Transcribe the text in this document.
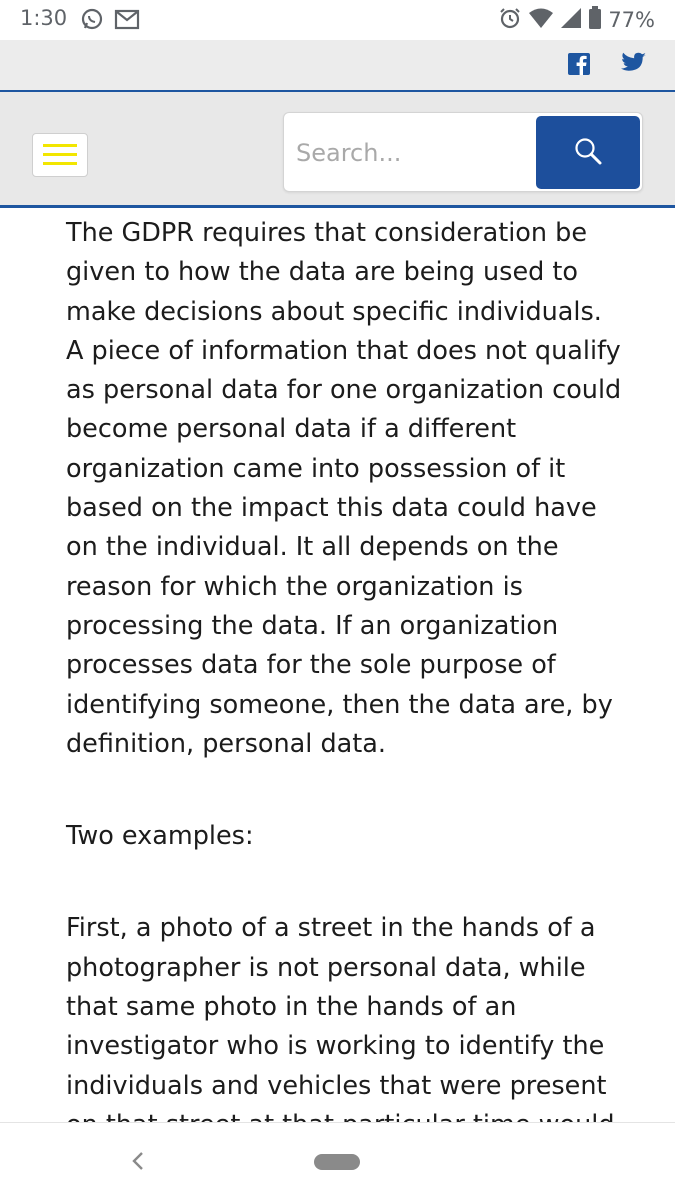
1:30	77%
Search...

The GDPR requires that consideration be given to how the data are being used to make decisions about specific individuals. A piece of information that does not qualify as personal data for one organization could become personal data if a different organization came into possession of it based on the impact this data could have on the individual. It all depends on the reason for which the organization is processing the data. If an organization processes data for the sole purpose of identifying someone, then the data are, by definition, personal data.

Two examples:

First, a photo of a street in the hands of a photographer is not personal data, while that same photo in the hands of an investigator who is working to identify the individuals and vehicles that were present
